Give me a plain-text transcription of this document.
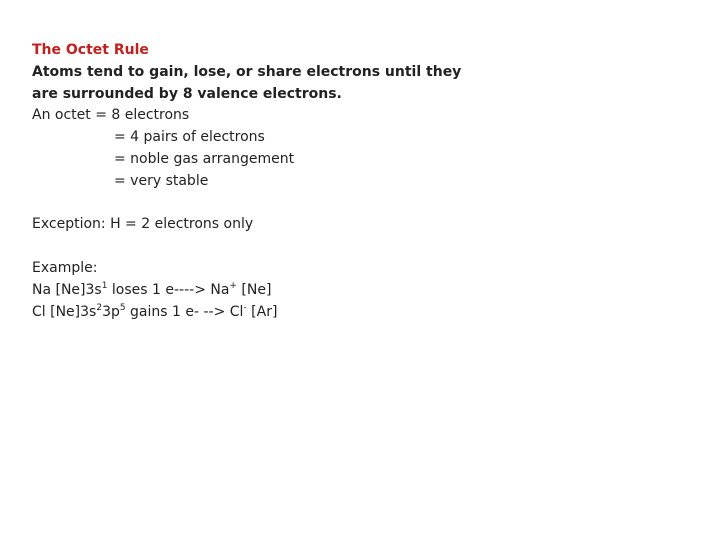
The Octet Rule
Atoms tend to gain, lose, or share electrons until they
are surrounded by 8 valence electrons.
An octet = 8 electrons
= 4 pairs of electrons
= noble gas arrangement
= very stable
Exception: H = 2 electrons only
Example:
Na $[Ne]3s^1$ loses 1 e----> Na+ [Ne]
Cl $[Ne]3s^23p^5$ gains 1 e- --> Cl- [Ar]
